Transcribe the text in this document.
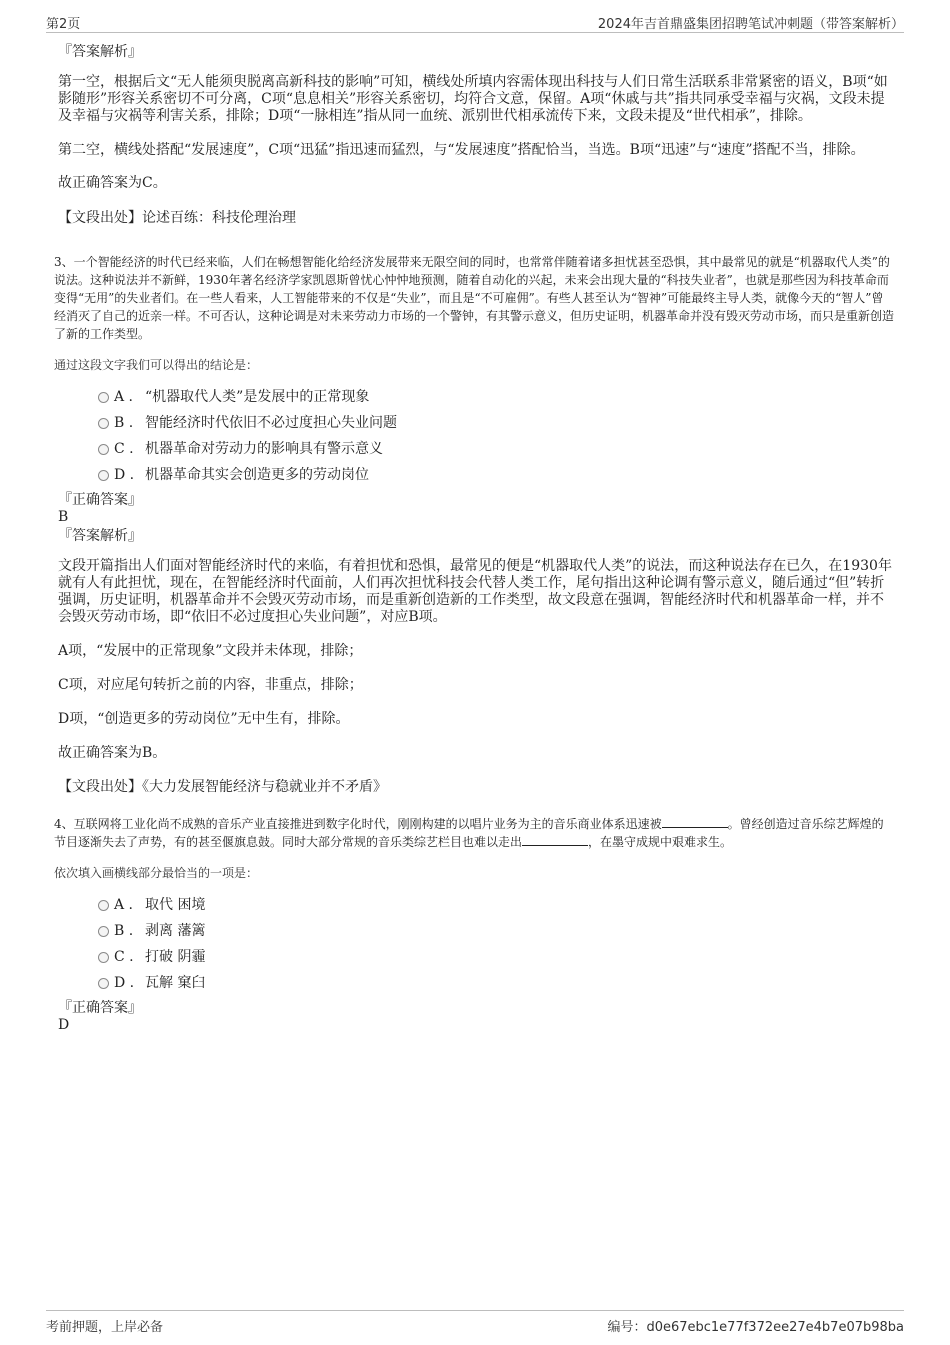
第2页	2024年吉首鼎盛集团招聘笔试冲刺题（带答案解析）

『答案解析』

第一空，根据后文“无人能须臾脱离高新科技的影响”可知，横线处所填内容需体现出科技与人们日常生活联系非常紧密的语义，B项“如影随形”形容关系密切不可分离，C项“息息相关”形容关系密切，均符合文意，保留。A项“休戚与共”指共同承受幸福与灾祸，文段未提及幸福与灾祸等利害关系，排除；D项“一脉相连”指从同一血统、派别世代相承流传下来，文段未提及“世代相承”，排除。

第二空，横线处搭配“发展速度”，C项“迅猛”指迅速而猛烈，与“发展速度”搭配恰当，当选。B项“迅速”与“速度”搭配不当，排除。

故正确答案为C。

【文段出处】论述百练：科技伦理治理

3、一个智能经济的时代已经来临，人们在畅想智能化给经济发展带来无限空间的同时，也常常伴随着诸多担忧甚至恐惧，其中最常见的就是“机器取代人类”的说法。这种说法并不新鲜，1930年著名经济学家凯恩斯曾忧心忡忡地预测，随着自动化的兴起，未来会出现大量的“科技失业者”，也就是那些因为科技革命而变得“无用”的失业者们。在一些人看来，人工智能带来的不仅是“失业”，而且是“不可雇佣”。有些人甚至认为“智神”可能最终主导人类，就像今天的“智人”曾经消灭了自己的近亲一样。不可否认，这种论调是对未来劳动力市场的一个警钟，有其警示意义，但历史证明，机器革命并没有毁灭劳动市场，而只是重新创造了新的工作类型。

通过这段文字我们可以得出的结论是：

A . “机器取代人类”是发展中的正常现象
B . 智能经济时代依旧不必过度担心失业问题
C . 机器革命对劳动力的影响具有警示意义
D . 机器革命其实会创造更多的劳动岗位

『正确答案』

B

『答案解析』

文段开篇指出人们面对智能经济时代的来临，有着担忧和恐惧，最常见的便是“机器取代人类”的说法，而这种说法存在已久，在1930年就有人有此担忧，现在，在智能经济时代面前，人们再次担忧科技会代替人类工作，尾句指出这种论调有警示意义，随后通过“但”转折强调，历史证明，机器革命并不会毁灭劳动市场，而是重新创造新的工作类型，故文段意在强调，智能经济时代和机器革命一样，并不会毁灭劳动市场，即“依旧不必过度担心失业问题”，对应B项。

A项，“发展中的正常现象”文段并未体现，排除；

C项，对应尾句转折之前的内容，非重点，排除；

D项，“创造更多的劳动岗位”无中生有，排除。

故正确答案为B。

【文段出处】《大力发展智能经济与稳就业并不矛盾》

4、互联网将工业化尚不成熟的音乐产业直接推进到数字化时代，刚刚构建的以唱片业务为主的音乐商业体系迅速被	。曾经创造过音乐综艺辉煌的节目逐渐失去了声势，有的甚至偃旗息鼓。同时大部分常规的音乐类综艺栏目也难以走出	，在墨守成规中艰难求生。

依次填入画横线部分最恰当的一项是：

A . 取代 困境
B . 剥离 藩篱
C . 打破 阴霾
D . 瓦解 窠臼

『正确答案』

D

考前押题，上岸必备	编号：d0e67ebc1e77f372ee27e4b7e07b98ba
